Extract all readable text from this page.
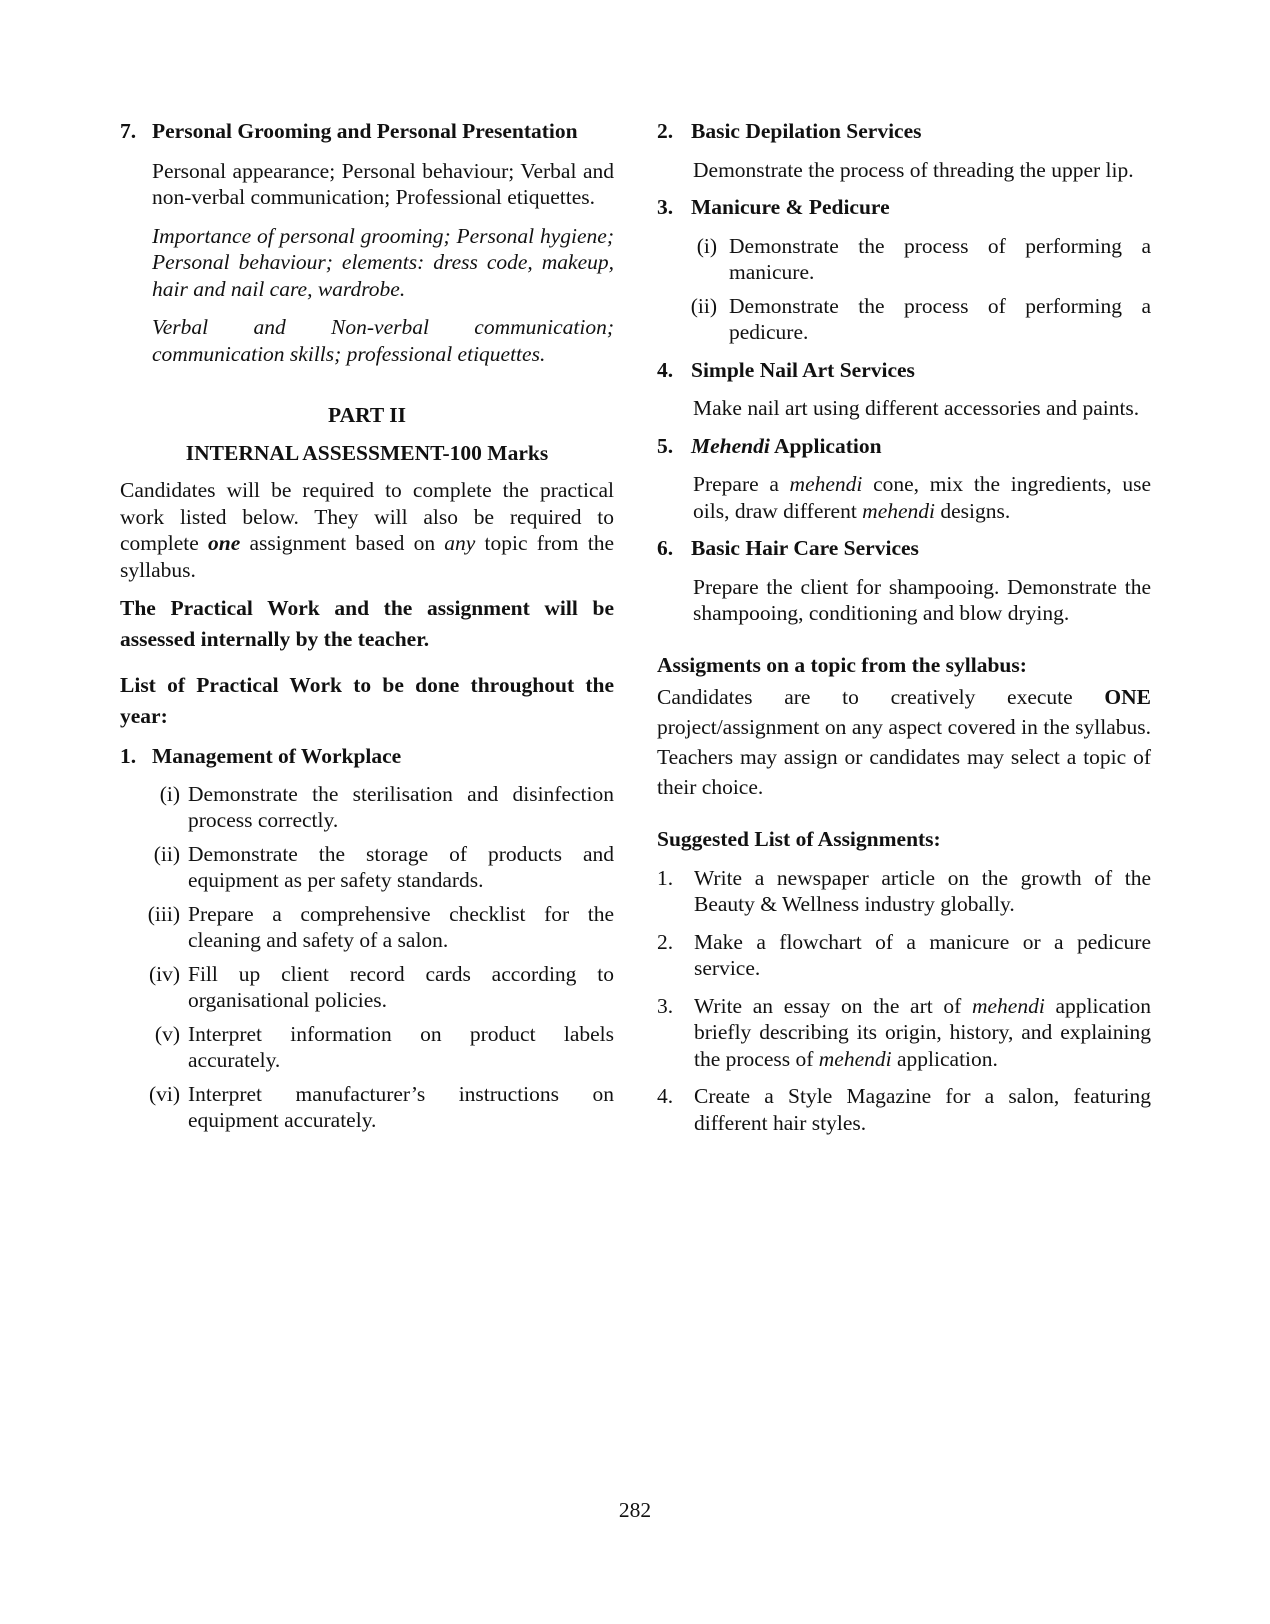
7. Personal Grooming and Personal Presentation

Personal appearance; Personal behaviour; Verbal and non-verbal communication; Professional etiquettes.

Importance of personal grooming; Personal hygiene; Personal behaviour; elements: dress code, makeup, hair and nail care, wardrobe.

Verbal and Non-verbal communication; communication skills; professional etiquettes.

PART II
INTERNAL ASSESSMENT-100 Marks

Candidates will be required to complete the practical work listed below. They will also be required to complete one assignment based on any topic from the syllabus.

The Practical Work and the assignment will be assessed internally by the teacher.

List of Practical Work to be done throughout the year:

1. Management of Workplace
(i) Demonstrate the sterilisation and disinfection process correctly.
(ii) Demonstrate the storage of products and equipment as per safety standards.
(iii) Prepare a comprehensive checklist for the cleaning and safety of a salon.
(iv) Fill up client record cards according to organisational policies.
(v) Interpret information on product labels accurately.
(vi) Interpret manufacturer’s instructions on equipment accurately.
2. Basic Depilation Services

Demonstrate the process of threading the upper lip.

3. Manicure & Pedicure
(i) Demonstrate the process of performing a manicure.
(ii) Demonstrate the process of performing a pedicure.
4. Simple Nail Art Services

Make nail art using different accessories and paints.

5. Mehendi Application

Prepare a mehendi cone, mix the ingredients, use oils, draw different mehendi designs.

6. Basic Hair Care Services

Prepare the client for shampooing. Demonstrate the shampooing, conditioning and blow drying.

Assigments on a topic from the syllabus:

Candidates are to creatively execute ONE project/assignment on any aspect covered in the syllabus. Teachers may assign or candidates may select a topic of their choice.

Suggested List of Assignments:
1. Write a newspaper article on the growth of the Beauty & Wellness industry globally.
2. Make a flowchart of a manicure or a pedicure service.
3. Write an essay on the art of mehendi application briefly describing its origin, history, and explaining the process of mehendi application.
4. Create a Style Magazine for a salon, featuring different hair styles.
282
